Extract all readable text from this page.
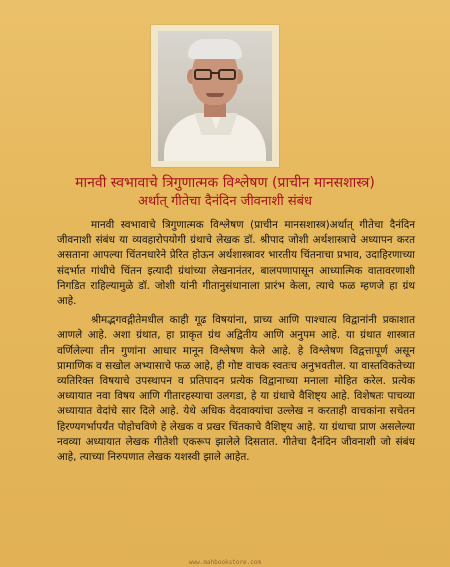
मानवी स्वभावाचे त्रिगुणात्मक विश्लेषण (प्राचीन मानसशास्त्र)
अर्थात् गीतेचा दैनंदिन जीवनाशी संबंध

मानवी स्वभावाचे त्रिगुणात्मक विश्लेषण (प्राचीन मानसशास्त्र)अर्थात् गीतेचा दैनंदिन जीवनाशी संबंध या व्यवहारोपयोगी ग्रंथाचे लेखक डॉ. श्रीपाद जोशी अर्थशास्त्राचे अध्यापन करत असताना आपल्या चिंतनधारेने प्रेरित होऊन अर्थशास्त्रावर भारतीय चिंतनाचा प्रभाव, उदाहिरणाच्या संदर्भात गांधीचे चिंतन इत्यादी ग्रंथांच्या लेखनानंतर, बालपणापासून आध्यात्मिक वातावरणाशी निगडित राहिल्यामुळे डॉ. जोशी यांनी गीतानुसंधानाला प्रारंभ केला, त्याचे फळ म्हणजे हा ग्रंथ आहे.

श्रीमद्भगवद्गीतेमधील काही गूढ विषयांना, प्राच्य आणि पाश्चात्य विद्वानांनी प्रकाशात आणले आहे. अशा ग्रंथात, हा प्राकृत ग्रंथ अद्वितीय आणि अनुपम आहे. या ग्रंथात शास्त्रात वर्णिलेल्या तीन गुणांना आधार मानून विश्लेषण केले आहे. हे विश्लेषण विद्वत्तापूर्ण असून प्रामाणिक व सखोल अभ्यासाचे फळ आहे, ही गोष्ट वाचक स्वतःच अनुभवतील. या वास्तविकतेच्या व्यतिरिक्त विषयाचे उपस्थापन व प्रतिपादन प्रत्येक विद्वानाच्या मनाला मोहित करेल. प्रत्येक अध्यायात नवा विषय आणि गीतारहस्याचा उलगडा, हे या ग्रंथाचे वैशिष्ट्य आहे. विशेषतः पाचव्या अध्यायात वेदांचे सार दिले आहे. येथे अधिक वेदवाक्यांचा उल्लेख न करताही वाचकांना सचेतन हिरण्यगर्भापर्यंत पोहोचविणे हे लेखक व प्रखर चिंतकाचे वैशिष्ट्य आहे. या ग्रंथाचा प्राण असलेल्या नवव्या अध्यायात लेखक गीतेशी एकरूप झालेले दिसतात. गीतेचा दैनंदिन जीवनाशी जो संबंध आहे, त्याच्या निरुपणात लेखक यशस्वी झाले आहेत.

www.mahbookstore.com
